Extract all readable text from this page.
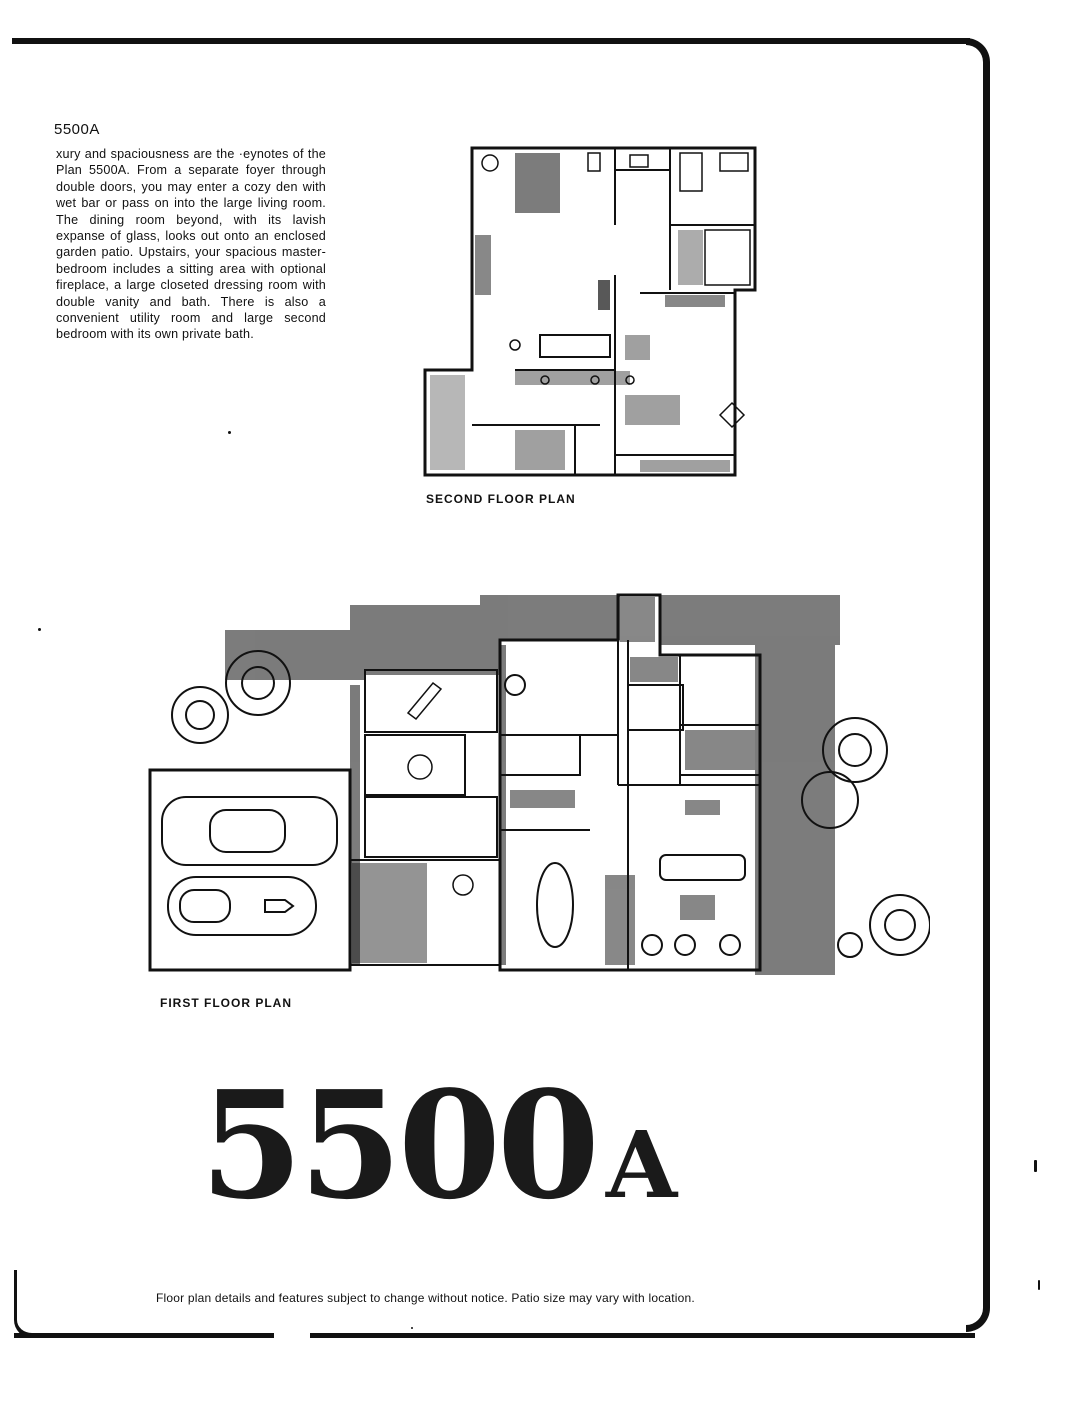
5500A
xury and spaciousness are the ·eynotes of the Plan 5500A. From a separate foyer through double doors, you may enter a cozy den with wet bar or pass on into the large living room. The dining room beyond, with its lavish expanse of glass, looks out onto an enclosed garden patio. Upstairs, your spacious master-bedroom includes a sitting area with optional fireplace, a large closeted dressing room with double vanity and bath. There is also a convenient utility room and large second bedroom with its own private bath.
SECOND FLOOR PLAN
FIRST FLOOR PLAN
5500 A
Floor plan details and features subject to change without notice. Patio size may vary with location.
